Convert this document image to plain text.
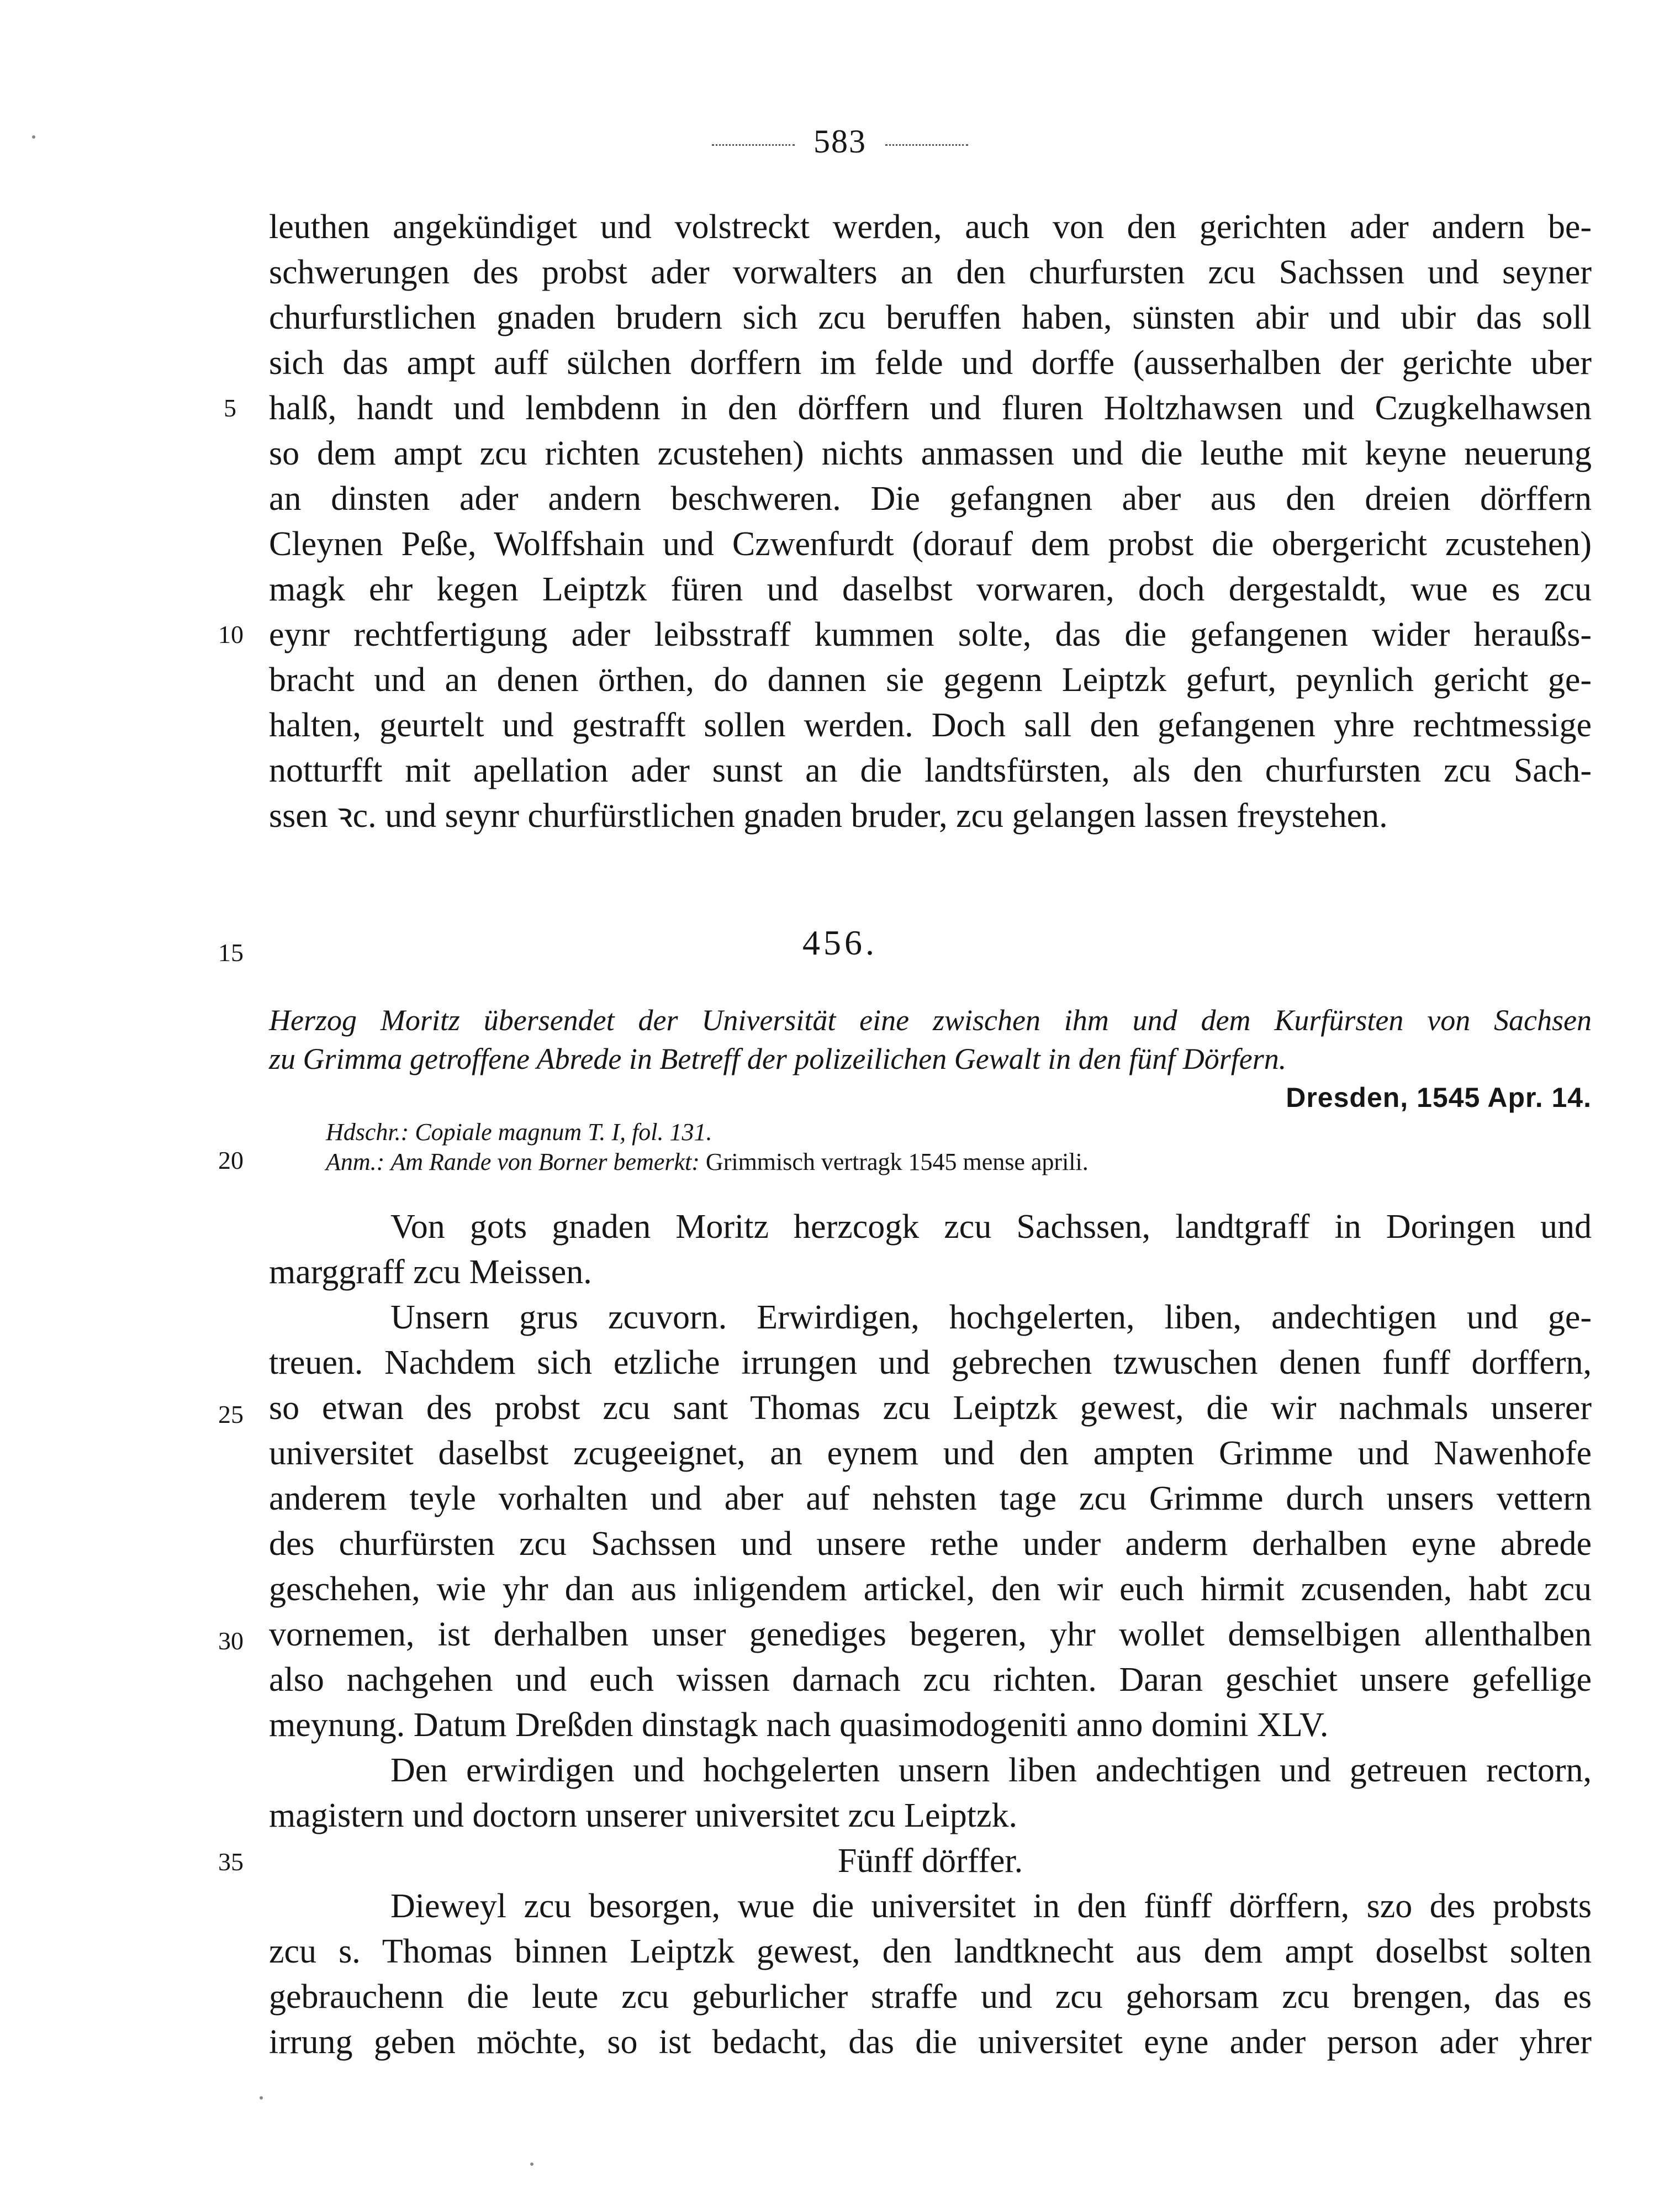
583
leuthen angekündiget und volstreckt werden, auch von den gerichten ader andern be-
schwerungen des probst ader vorwalters an den churfursten zcu Sachssen und seyner
churfurstlichen gnaden brudern sich zcu beruffen haben, sünsten abir und ubir das soll
sich das ampt auff sülchen dorffern im felde und dorffe (ausserhalben der gerichte uber
halß, handt und lembdenn in den dörffern und fluren Holtzhawsen und Czugkelhawsen
so dem ampt zcu richten zcustehen) nichts anmassen und die leuthe mit keyne neuerung
an dinsten ader andern beschweren. Die gefangnen aber aus den dreien dörffern
Cleynen Peße, Wolffshain und Czwenfurdt (dorauf dem probst die obergericht zcustehen)
magk ehr kegen Leiptzk füren und daselbst vorwaren, doch dergestaldt, wue es zcu
eynr rechtfertigung ader leibsstraff kummen solte, das die gefangenen wider heraußs-
bracht und an denen örthen, do dannen sie gegenn Leiptzk gefurt, peynlich gericht ge-
halten, geurtelt und gestrafft sollen werden. Doch sall den gefangenen yhre rechtmessige
notturfft mit apellation ader sunst an die landtsfürsten, als den churfursten zcu Sach-
ssen ꝛc. und seynr churfürstlichen gnaden bruder, zcu gelangen lassen freystehen.
5
10
15
20
25
30
35
456.
Herzog Moritz übersendet der Universität eine zwischen ihm und dem Kurfürsten von Sachsen
zu Grimma getroffene Abrede in Betreff der polizeilichen Gewalt in den fünf Dörfern.
Dresden, 1545 Apr. 14.
Hdschr.: Copiale magnum T. I, fol. 131.
Anm.: Am Rande von Borner bemerkt: Grimmisch vertragk 1545 mense aprili.
Von gots gnaden Moritz herzcogk zcu Sachssen, landtgraff in Doringen und
marggraff zcu Meissen.
Unsern grus zcuvorn. Erwirdigen, hochgelerten, liben, andechtigen und ge-
treuen. Nachdem sich etzliche irrungen und gebrechen tzwuschen denen funff dorffern,
so etwan des probst zcu sant Thomas zcu Leiptzk gewest, die wir nachmals unserer
universitet daselbst zcugeeignet, an eynem und den ampten Grimme und Nawenhofe
anderem teyle vorhalten und aber auf nehsten tage zcu Grimme durch unsers vettern
des churfürsten zcu Sachssen und unsere rethe under anderm derhalben eyne abrede
geschehen, wie yhr dan aus inligendem artickel, den wir euch hirmit zcusenden, habt zcu
vornemen, ist derhalben unser genediges begeren, yhr wollet demselbigen allenthalben
also nachgehen und euch wissen darnach zcu richten. Daran geschiet unsere gefellige
meynung. Datum Dreßden dinstagk nach quasimodogeniti anno domini XLV.
Den erwirdigen und hochgelerten unsern liben andechtigen und getreuen rectorn,
magistern und doctorn unserer universitet zcu Leiptzk.
Fünff dörffer.
Dieweyl zcu besorgen, wue die universitet in den fünff dörffern, szo des probsts
zcu s. Thomas binnen Leiptzk gewest, den landtknecht aus dem ampt doselbst solten
gebrauchenn die leute zcu geburlicher straffe und zcu gehorsam zcu brengen, das es
irrung geben möchte, so ist bedacht, das die universitet eyne ander person ader yhrer
